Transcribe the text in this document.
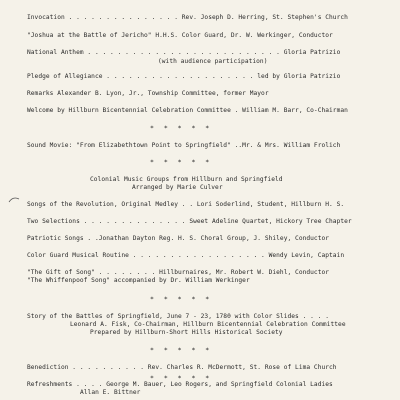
Invocation . . . . . . . . . . . . . . . Rev. Joseph D. Herring, St. Stephen's Church
"Joshua at the Battle of Jericho" H.H.S. Color Guard, Dr. W. Werkinger, Conductor
National Anthem . . . . . . . . . . . . . . . . . . . . . . . . . . Gloria Patrizio
(with audience participation)
Pledge of Allegiance . . . . . . . . . . . . . . . . . . . . led by Gloria Patrizio
Remarks Alexander B. Lyon, Jr., Township Committee, former Mayor
Welcome by Hillburn Bicentennial Celebration Committee . William M. Barr, Co-Chairman
* * * * *
Sound Movie: "From Elizabethtown Point to Springfield" ..Mr. & Mrs. William Frolich
* * * * *
Colonial Music Groups from Hillburn and Springfield
Arranged by Marie Culver
Songs of the Revolution, Original Medley . . Lori Soderlind, Student, Hillburn H. S.
Two Selections . . . . . . . . . . . . . . Sweet Adeline Quartet, Hickory Tree Chapter
Patriotic Songs . .Jonathan Dayton Reg. H. S. Choral Group, J. Shiley, Conductor
Color Guard Musical Routine . . . . . . . . . . . . . . . . . . Wendy Levin, Captain
"The Gift of Song" . . . . . . . . Hillburnaires, Mr. Robert W. Diehl, Conductor
"The Whiffenpoof Song" accompanied by Dr. William Werkinger
* * * * *
Story of the Battles of Springfield, June 7 - 23, 1780 with Color Slides . . . .
Leonard A. Fisk, Co-Chairman, Hillburn Bicentennial Celebration Committee
Prepared by Hillburn-Short Hills Historical Society
* * * * *
Benediction . . . . . . . . . . Rev. Charles R. McDermott, St. Rose of Lima Church
* * * * *
Refreshments . . . . George M. Bauer, Leo Rogers, and Springfield Colonial Ladies
Allan E. Bittner
